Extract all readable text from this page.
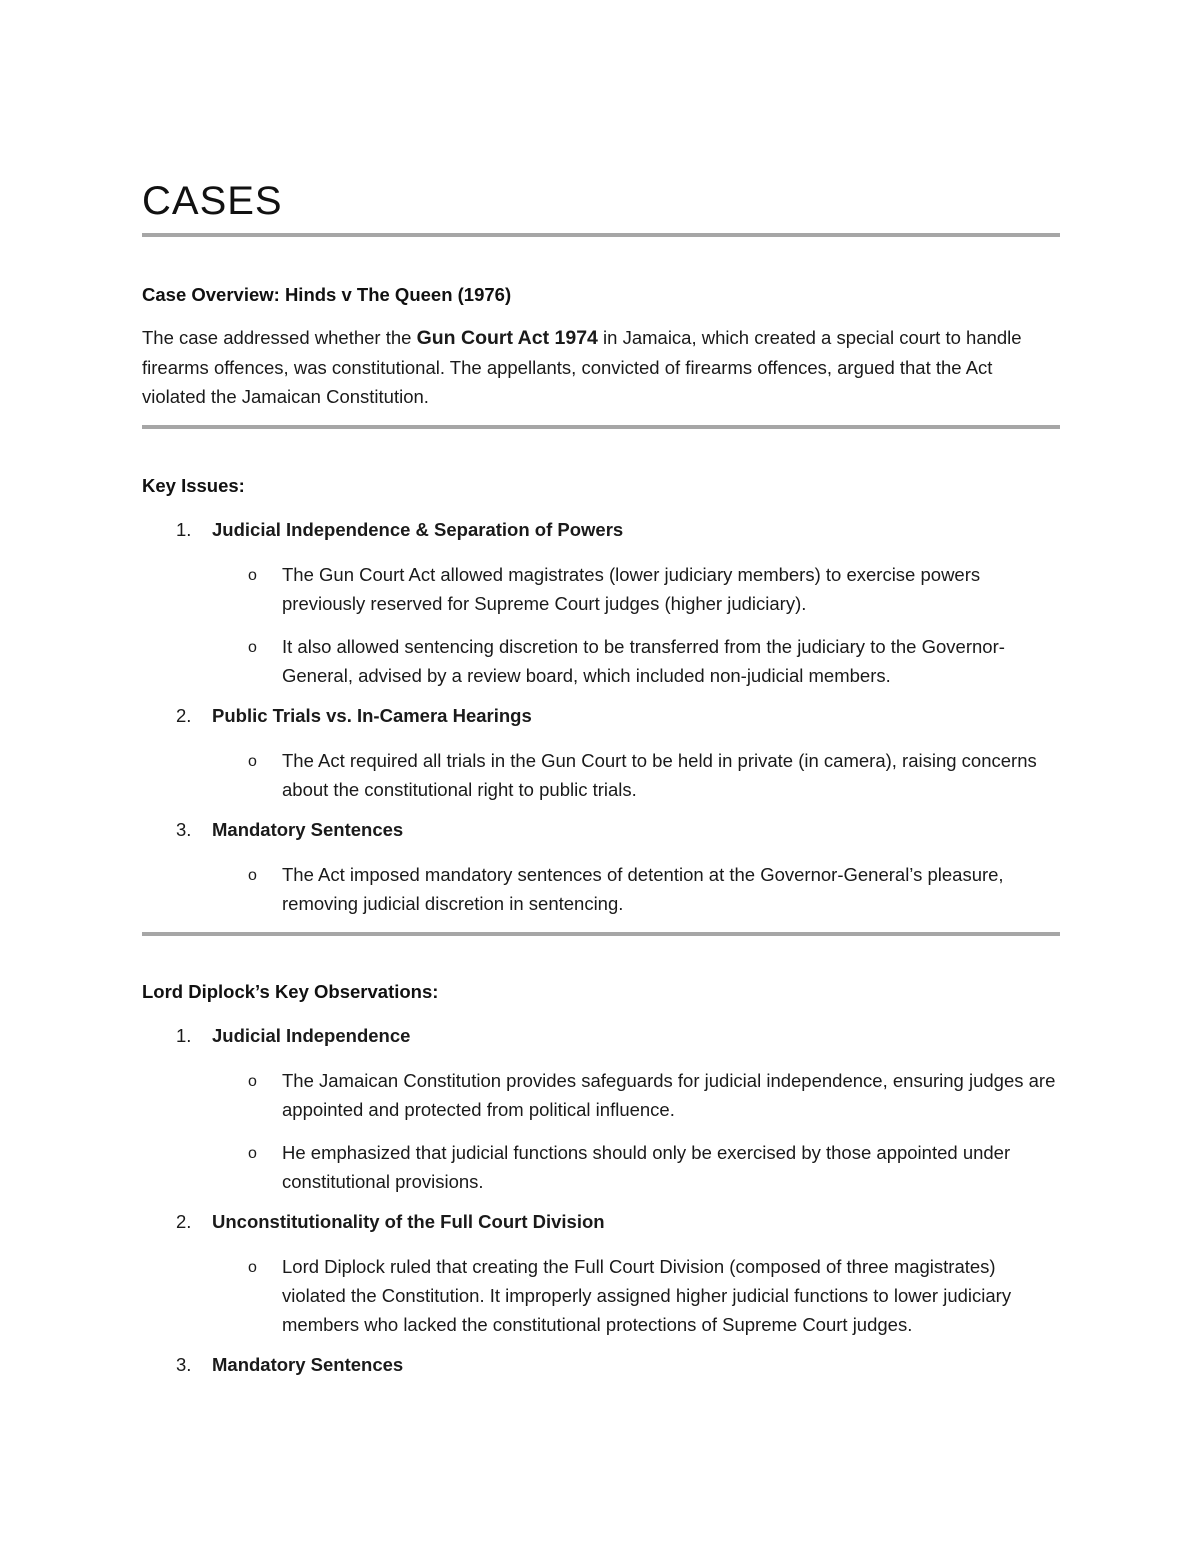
CASES
Case Overview: Hinds v The Queen (1976)

The case addressed whether the Gun Court Act 1974 in Jamaica, which created a special court to handle firearms offences, was constitutional. The appellants, convicted of firearms offences, argued that the Act violated the Jamaican Constitution.

Key Issues:
1. Judicial Independence & Separation of Powers
o The Gun Court Act allowed magistrates (lower judiciary members) to exercise powers previously reserved for Supreme Court judges (higher judiciary).
o It also allowed sentencing discretion to be transferred from the judiciary to the Governor-General, advised by a review board, which included non-judicial members.
2. Public Trials vs. In-Camera Hearings
o The Act required all trials in the Gun Court to be held in private (in camera), raising concerns about the constitutional right to public trials.
3. Mandatory Sentences
o The Act imposed mandatory sentences of detention at the Governor-General’s pleasure, removing judicial discretion in sentencing.
Lord Diplock’s Key Observations:
1. Judicial Independence
o The Jamaican Constitution provides safeguards for judicial independence, ensuring judges are appointed and protected from political influence.
o He emphasized that judicial functions should only be exercised by those appointed under constitutional provisions.
2. Unconstitutionality of the Full Court Division
o Lord Diplock ruled that creating the Full Court Division (composed of three magistrates) violated the Constitution. It improperly assigned higher judicial functions to lower judiciary members who lacked the constitutional protections of Supreme Court judges.
3. Mandatory Sentences
